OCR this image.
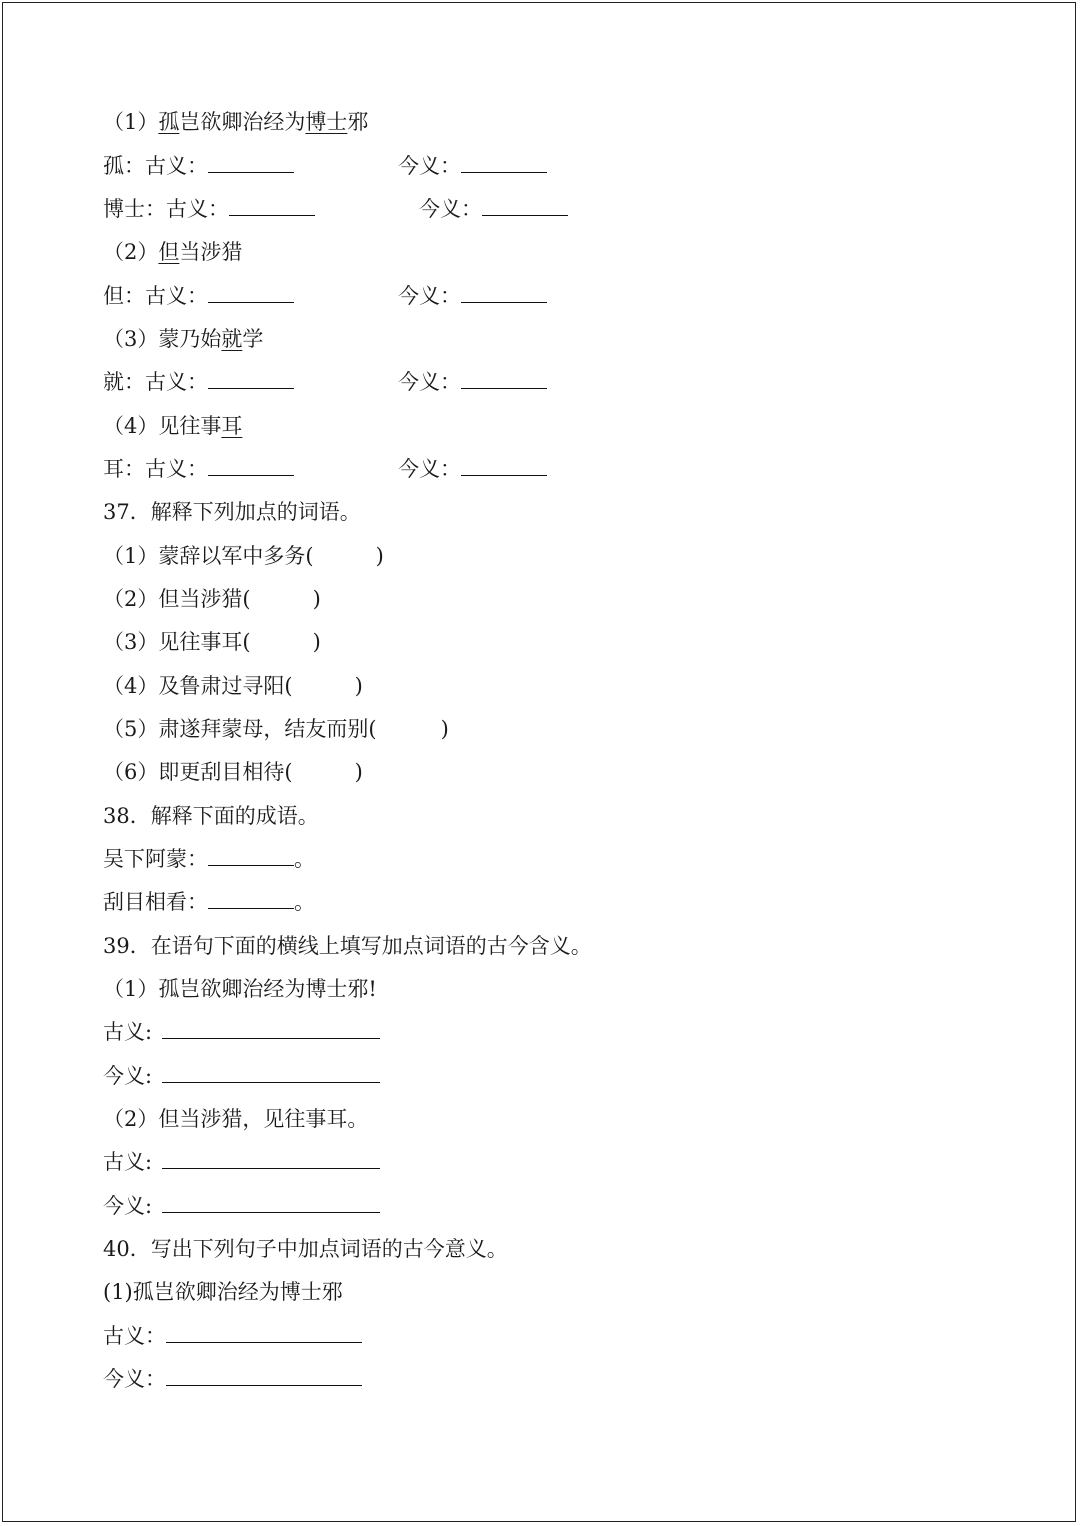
（1）孤岂欲卿治经为博士邪
孤：古义：	今义：
博士：古义：	今义：
（2）但当涉猎
但：古义：	今义：
（3）蒙乃始就学
就：古义：	今义：
（4）见往事耳
耳：古义：	今义：
37．解释下列加点的词语。
（1）蒙辞以军中多务(	)
（2）但当涉猎(	)
（3）见往事耳(	)
（4）及鲁肃过寻阳(	)
（5）肃遂拜蒙母，结友而别(	)
（6）即更刮目相待(	)
38．解释下面的成语。
吴下阿蒙：	。
刮目相看：	。
39．在语句下面的横线上填写加点词语的古今含义。
（1）孤岂欲卿治经为博士邪!
古义:
今义:
（2）但当涉猎，见往事耳。
古义:
今义:
40．写出下列句子中加点词语的古今意义。
(1)孤岂欲卿治经为博士邪
古义：
今义：
